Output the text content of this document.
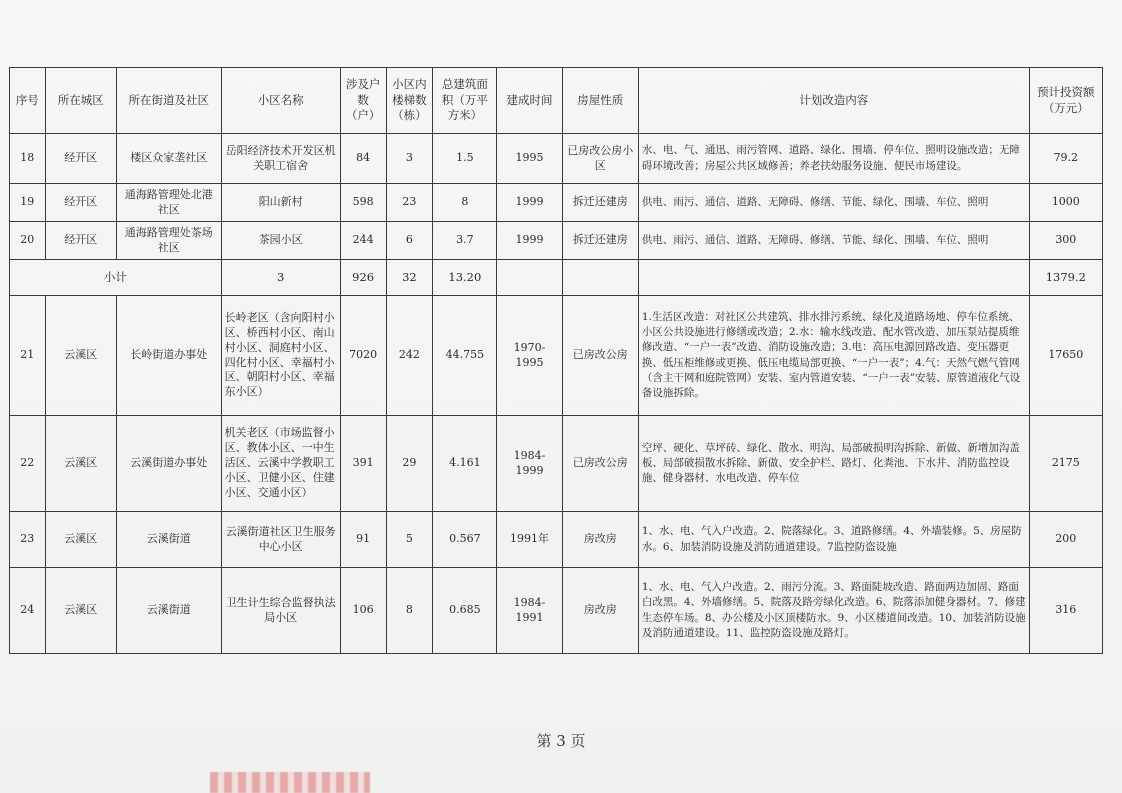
序号	所在城区	所在街道及社区	小区名称	涉及户数（户）	小区内楼梯数（栋）	总建筑面积（万平方米）	建成时间	房屋性质	计划改造内容	预计投资额（万元）
18	经开区	楼区众家垄社区	岳阳经济技术开发区机关职工宿舍	84	3	1.5	1995	已房改公房小区	水、电、气、通迅、雨污管网、道路、绿化、围墙、停车位、照明设施改造；无障碍环境改善；房屋公共区域修善；养老扶幼服务设施、便民市场建设。	79.2
19	经开区	通海路管理处北港社区	阳山新村	598	23	8	1999	拆迁还建房	供电、雨污、通信、道路、无障碍、修缮、节能、绿化、围墙、车位、照明	1000
20	经开区	通海路管理处茶场社区	茶园小区	244	6	3.7	1999	拆迁还建房	供电、雨污、通信、道路、无障碍、修缮、节能、绿化、围墙、车位、照明	300
小计			3	926	32	13.20				1379.2
21	云溪区	长岭街道办事处	长岭老区（含向阳村小区、桥西村小区、南山村小区、洞庭村小区、四化村小区、幸福村小区、朝阳村小区、幸福东小区）	7020	242	44.755	1970-1995	已房改公房	1.生活区改造：对社区公共建筑、排水排污系统、绿化及道路场地、停车位系统、小区公共设施进行修缮或改造；2.水：输水线改造、配水管改造、加压泵站提质维修改造、“一户一表”改造、消防设施改造；3.电：高压电源回路改造、变压器更换、低压柜维修或更换、低压电缆局部更换、“一户一表”；4.气：天然气燃气管网（含主干网和庭院管网）安装、室内管道安装、“一户一表”安装、原管道液化气设备设施拆除。	17650
22	云溪区	云溪街道办事处	机关老区（市场监督小区、教体小区、一中生活区、云溪中学教职工小区、卫健小区、住建小区、交通小区）	391	29	4.161	1984-1999	已房改公房	空坪、硬化、草坪砖、绿化、散水、明沟、局部破损明沟拆除、新做、新增加沟盖板、局部破损散水拆除、新做、安全护栏、路灯、化粪池、下水井、消防监控设施、健身器材、水电改造、停车位	2175
23	云溪区	云溪街道	云溪街道社区卫生服务中心小区	91	5	0.567	1991年	房改房	1、水、电、气入户改造。2、院落绿化。3、道路修缮。4、外墙装修。5、房屋防水。6、加装消防设施及消防通道建设。7监控防盗设施	200
24	云溪区	云溪街道	卫生计生综合监督执法局小区	106	8	0.685	1984-1991	房改房	1、水、电、气入户改造。2、雨污分流。3、路面陡坡改造、路面两边加固、路面白改黑。4、外墙修缮。5、院落及路旁绿化改造。6、院落添加健身器材。7、修建生态停车场。8、办公楼及小区顶楼防水。9、小区楼道间改造。10、加装消防设施及消防通道建设。11、监控防盗设施及路灯。	316
第 3 页
